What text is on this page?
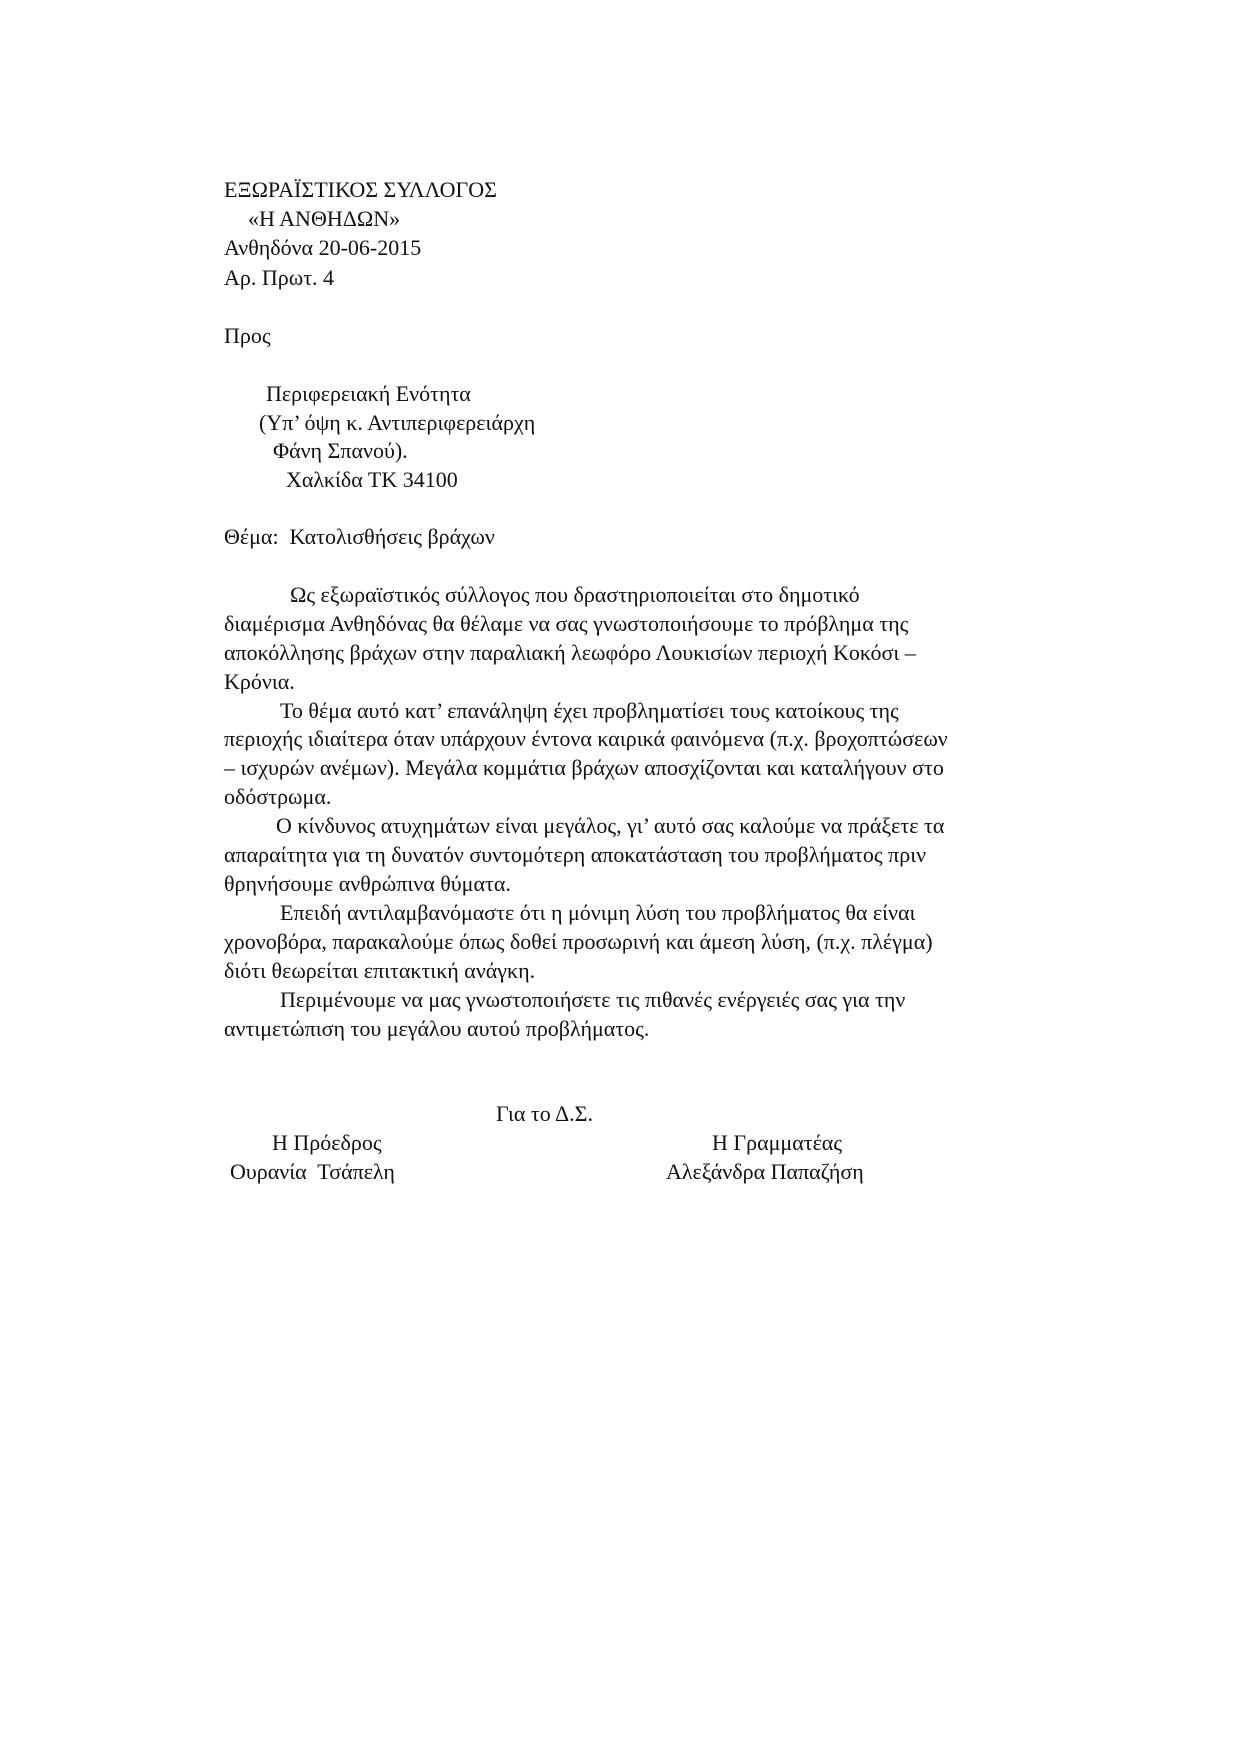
ΕΞΩΡΑΪΣΤΙΚΟΣ ΣΥΛΛΟΓΟΣ
«Η ΑΝΘΗΔΩΝ»
Ανθηδόνα 20-06-2015
Αρ. Πρωτ. 4
Προς
Περιφερειακή Ενότητα
(Υπ’ όψη κ. Αντιπεριφερειάρχη
Φάνη Σπανού).
Χαλκίδα ΤΚ 34100
Θέμα:  Κατολισθήσεις βράχων
Ως εξωραϊστικός σύλλογος που δραστηριοποιείται στο δημοτικό
διαμέρισμα Ανθηδόνας θα θέλαμε να σας γνωστοποιήσουμε το πρόβλημα της
αποκόλλησης βράχων στην παραλιακή λεωφόρο Λουκισίων περιοχή Κοκόσι –
Κρόνια.
Το θέμα αυτό κατ’ επανάληψη έχει προβληματίσει τους κατοίκους της
περιοχής ιδιαίτερα όταν υπάρχουν έντονα καιρικά φαινόμενα (π.χ. βροχοπτώσεων
– ισχυρών ανέμων). Μεγάλα κομμάτια βράχων αποσχίζονται και καταλήγουν στο
οδόστρωμα.
Ο κίνδυνος ατυχημάτων είναι μεγάλος, γι’ αυτό σας καλούμε να πράξετε τα
απαραίτητα για τη δυνατόν συντομότερη αποκατάσταση του προβλήματος πριν
θρηνήσουμε ανθρώπινα θύματα.
Επειδή αντιλαμβανόμαστε ότι η μόνιμη λύση του προβλήματος θα είναι
χρονοβόρα, παρακαλούμε όπως δοθεί προσωρινή και άμεση λύση, (π.χ. πλέγμα)
διότι θεωρείται επιτακτική ανάγκη.
Περιμένουμε να μας γνωστοποιήσετε τις πιθανές ενέργειές σας για την
αντιμετώπιση του μεγάλου αυτού προβλήματος.
Για το Δ.Σ.
Η Πρόεδρος
Ουρανία  Τσάπελη
Η Γραμματέας
Αλεξάνδρα Παπαζήση
